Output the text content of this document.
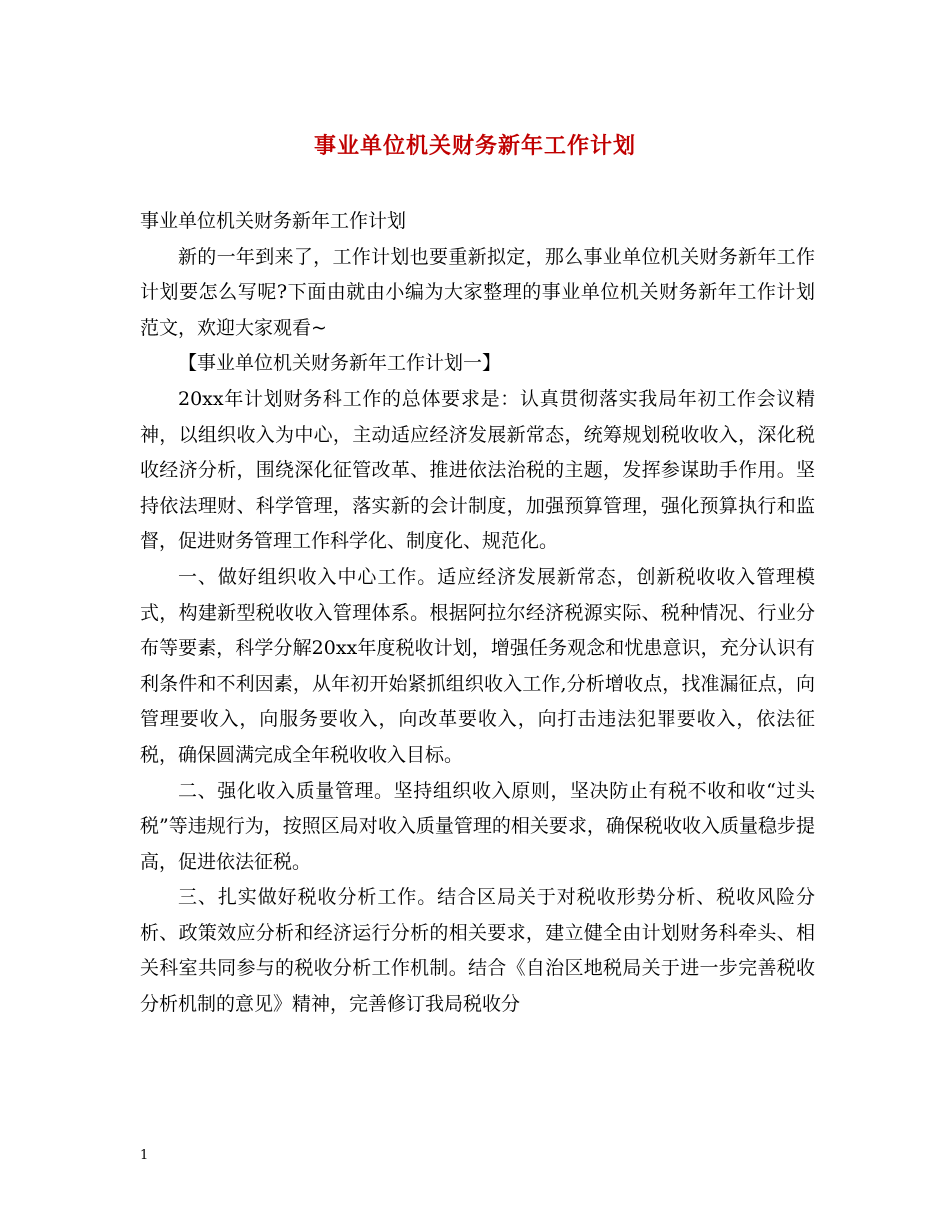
事业单位机关财务新年工作计划

事业单位机关财务新年工作计划

新的一年到来了，工作计划也要重新拟定，那么事业单位机关财务新年工作计划要怎么写呢?下面由就由小编为大家整理的事业单位机关财务新年工作计划范文，欢迎大家观看~

【事业单位机关财务新年工作计划一】

20xx年计划财务科工作的总体要求是：认真贯彻落实我局年初工作会议精神，以组织收入为中心，主动适应经济发展新常态，统筹规划税收收入，深化税收经济分析，围绕深化征管改革、推进依法治税的主题，发挥参谋助手作用。坚持依法理财、科学管理，落实新的会计制度，加强预算管理，强化预算执行和监督，促进财务管理工作科学化、制度化、规范化。

一、做好组织收入中心工作。适应经济发展新常态，创新税收收入管理模式，构建新型税收收入管理体系。根据阿拉尔经济税源实际、税种情况、行业分布等要素，科学分解20xx年度税收计划，增强任务观念和忧患意识，充分认识有利条件和不利因素，从年初开始紧抓组织收入工作,分析增收点，找准漏征点，向管理要收入，向服务要收入，向改革要收入，向打击违法犯罪要收入，依法征税，确保圆满完成全年税收收入目标。

二、强化收入质量管理。坚持组织收入原则，坚决防止有税不收和收“过头税”等违规行为，按照区局对收入质量管理的相关要求，确保税收收入质量稳步提高，促进依法征税。

三、扎实做好税收分析工作。结合区局关于对税收形势分析、税收风险分析、政策效应分析和经济运行分析的相关要求，建立健全由计划财务科牵头、相关科室共同参与的税收分析工作机制。结合《自治区地税局关于进一步完善税收分析机制的意见》精神，完善修订我局税收分

1
